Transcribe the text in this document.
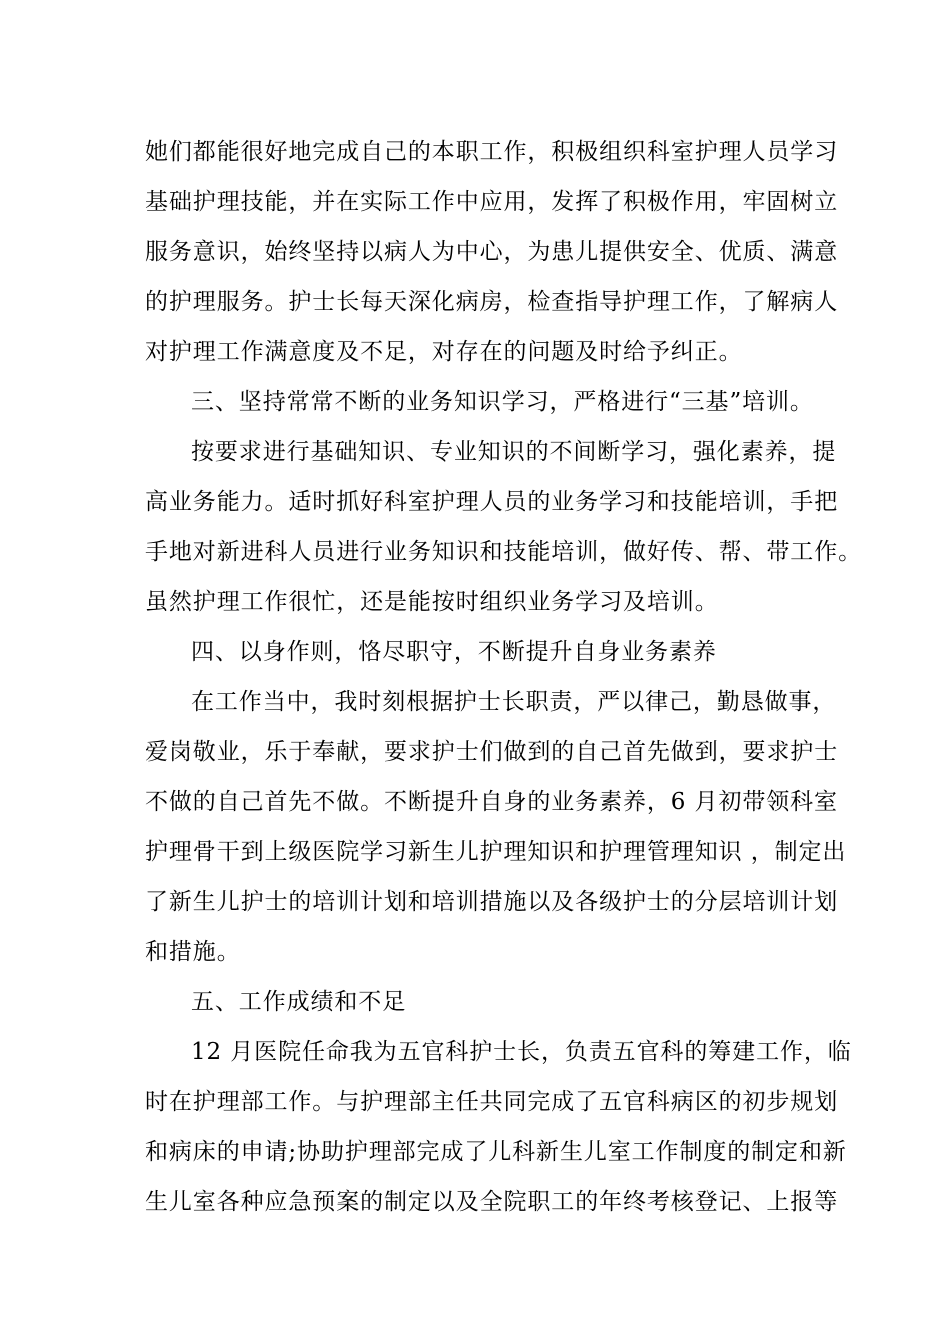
她们都能很好地完成自己的本职工作，积极组织科室护理人员学习
基础护理技能，并在实际工作中应用，发挥了积极作用，牢固树立
服务意识，始终坚持以病人为中心，为患儿提供安全、优质、满意
的护理服务。护士长每天深化病房，检查指导护理工作，了解病人
对护理工作满意度及不足，对存在的问题及时给予纠正。
三、坚持常常不断的业务知识学习，严格进行“三基”培训。
按要求进行基础知识、专业知识的不间断学习，强化素养，提
高业务能力。适时抓好科室护理人员的业务学习和技能培训，手把
手地对新进科人员进行业务知识和技能培训，做好传、帮、带工作。
虽然护理工作很忙，还是能按时组织业务学习及培训。
四、以身作则，恪尽职守，不断提升自身业务素养
在工作当中，我时刻根据护士长职责，严以律己，勤恳做事，
爱岗敬业，乐于奉献，要求护士们做到的自己首先做到，要求护士
不做的自己首先不做。不断提升自身的业务素养，6 月初带领科室
护理骨干到上级医院学习新生儿护理知识和护理管理知识 ，制定出
了新生儿护士的培训计划和培训措施以及各级护士的分层培训计划
和措施。
五、工作成绩和不足
12 月医院任命我为五官科护士长，负责五官科的筹建工作，临
时在护理部工作。与护理部主任共同完成了五官科病区的初步规划
和病床的申请;协助护理部完成了儿科新生儿室工作制度的制定和新
生儿室各种应急预案的制定以及全院职工的年终考核登记、上报等
